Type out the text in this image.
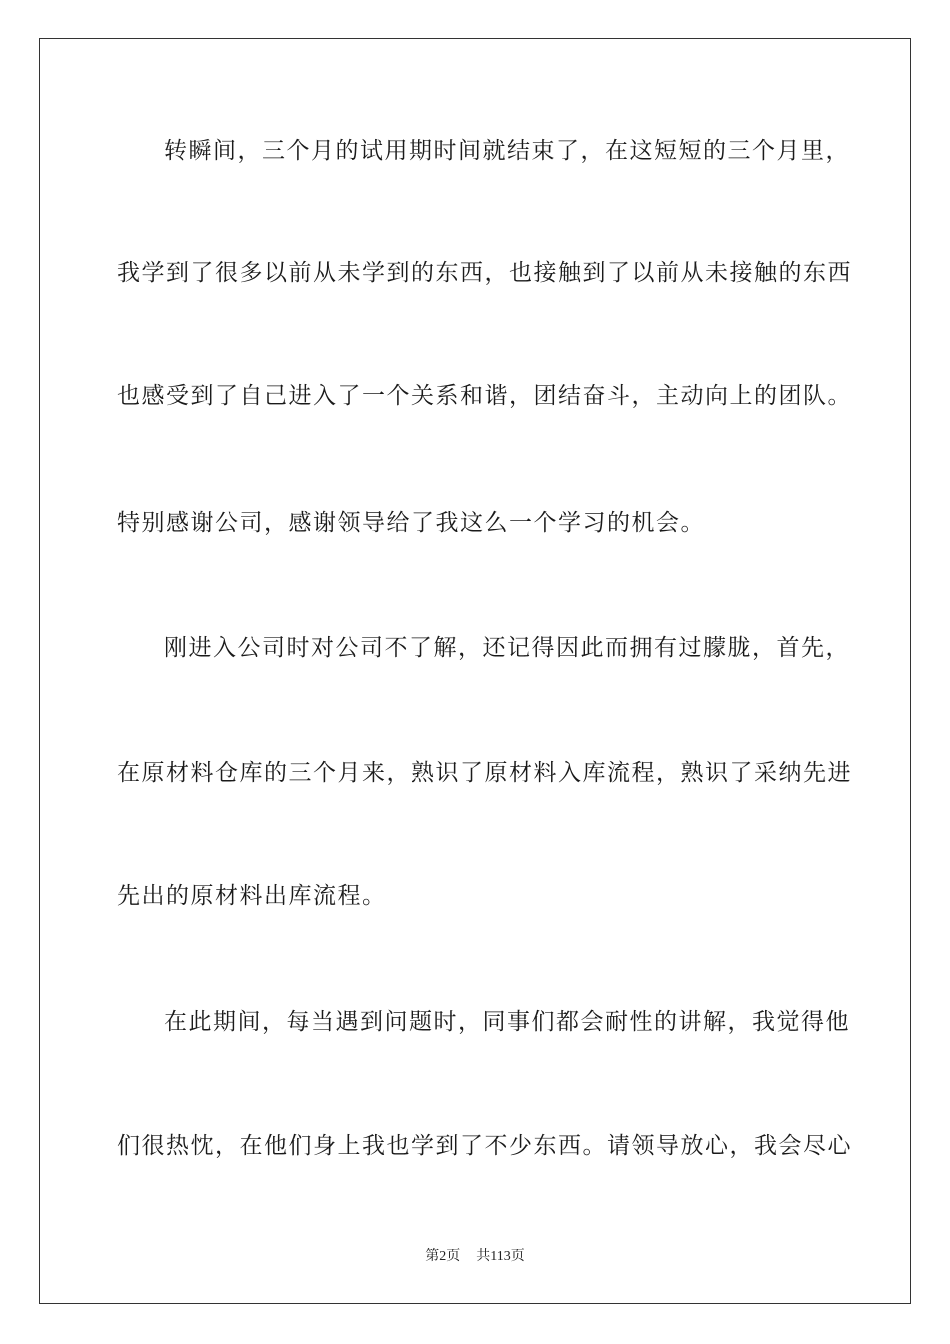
转瞬间，三个月的试用期时间就结束了，在这短短的三个月里，
我学到了很多以前从未学到的东西，也接触到了以前从未接触的东西
也感受到了自己进入了一个关系和谐，团结奋斗，主动向上的团队。
特别感谢公司，感谢领导给了我这么一个学习的机会。
刚进入公司时对公司不了解，还记得因此而拥有过朦胧，首先，
在原材料仓库的三个月来，熟识了原材料入库流程，熟识了采纳先进
先出的原材料出库流程。
在此期间，每当遇到问题时，同事们都会耐性的讲解，我觉得他
们很热忱，在他们身上我也学到了不少东西。请领导放心，我会尽心
第2页 共113页
